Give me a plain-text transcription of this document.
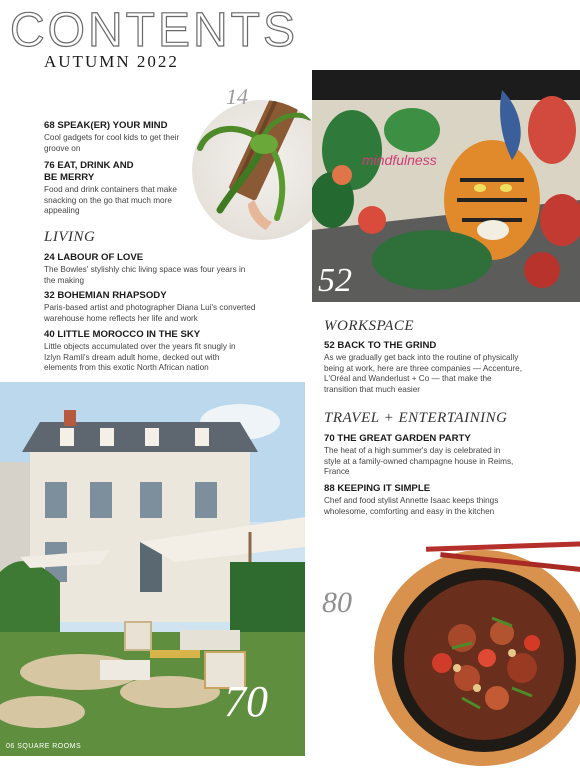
CONTENTS
AUTUMN 2022
68 SPEAK(ER) YOUR MIND
Cool gadgets for cool kids to get their groove on
76 EAT, DRINK AND
BE MERRY
Food and drink containers that make snacking on the go that much more appealing
14
mindfulness
52
LIVING
24 LABOUR OF LOVE
The Bowles' stylishly chic living space was four years in the making
32 BOHEMIAN RHAPSODY
Paris-based artist and photographer Diana Lui's converted warehouse home reflects her life and work
40 LITTLE MOROCCO IN THE SKY
Little objects accumulated over the years fit snugly in Izlyn Ramli's dream adult home, decked out with elements from this exotic North African nation
WORKSPACE
52 BACK TO THE GRIND
As we gradually get back into the routine of physically being at work, here are three companies — Accenture, L'Oréal and Wanderlust + Co — that make the transition that much easier
TRAVEL + ENTERTAINING
70 THE GREAT GARDEN PARTY
The heat of a high summer's day is celebrated in style at a family-owned champagne house in Reims, France
88 KEEPING IT SIMPLE
Chef and food stylist Annette Isaac keeps things wholesome, comforting and easy in the kitchen
70
06 SQUARE ROOMS
80
